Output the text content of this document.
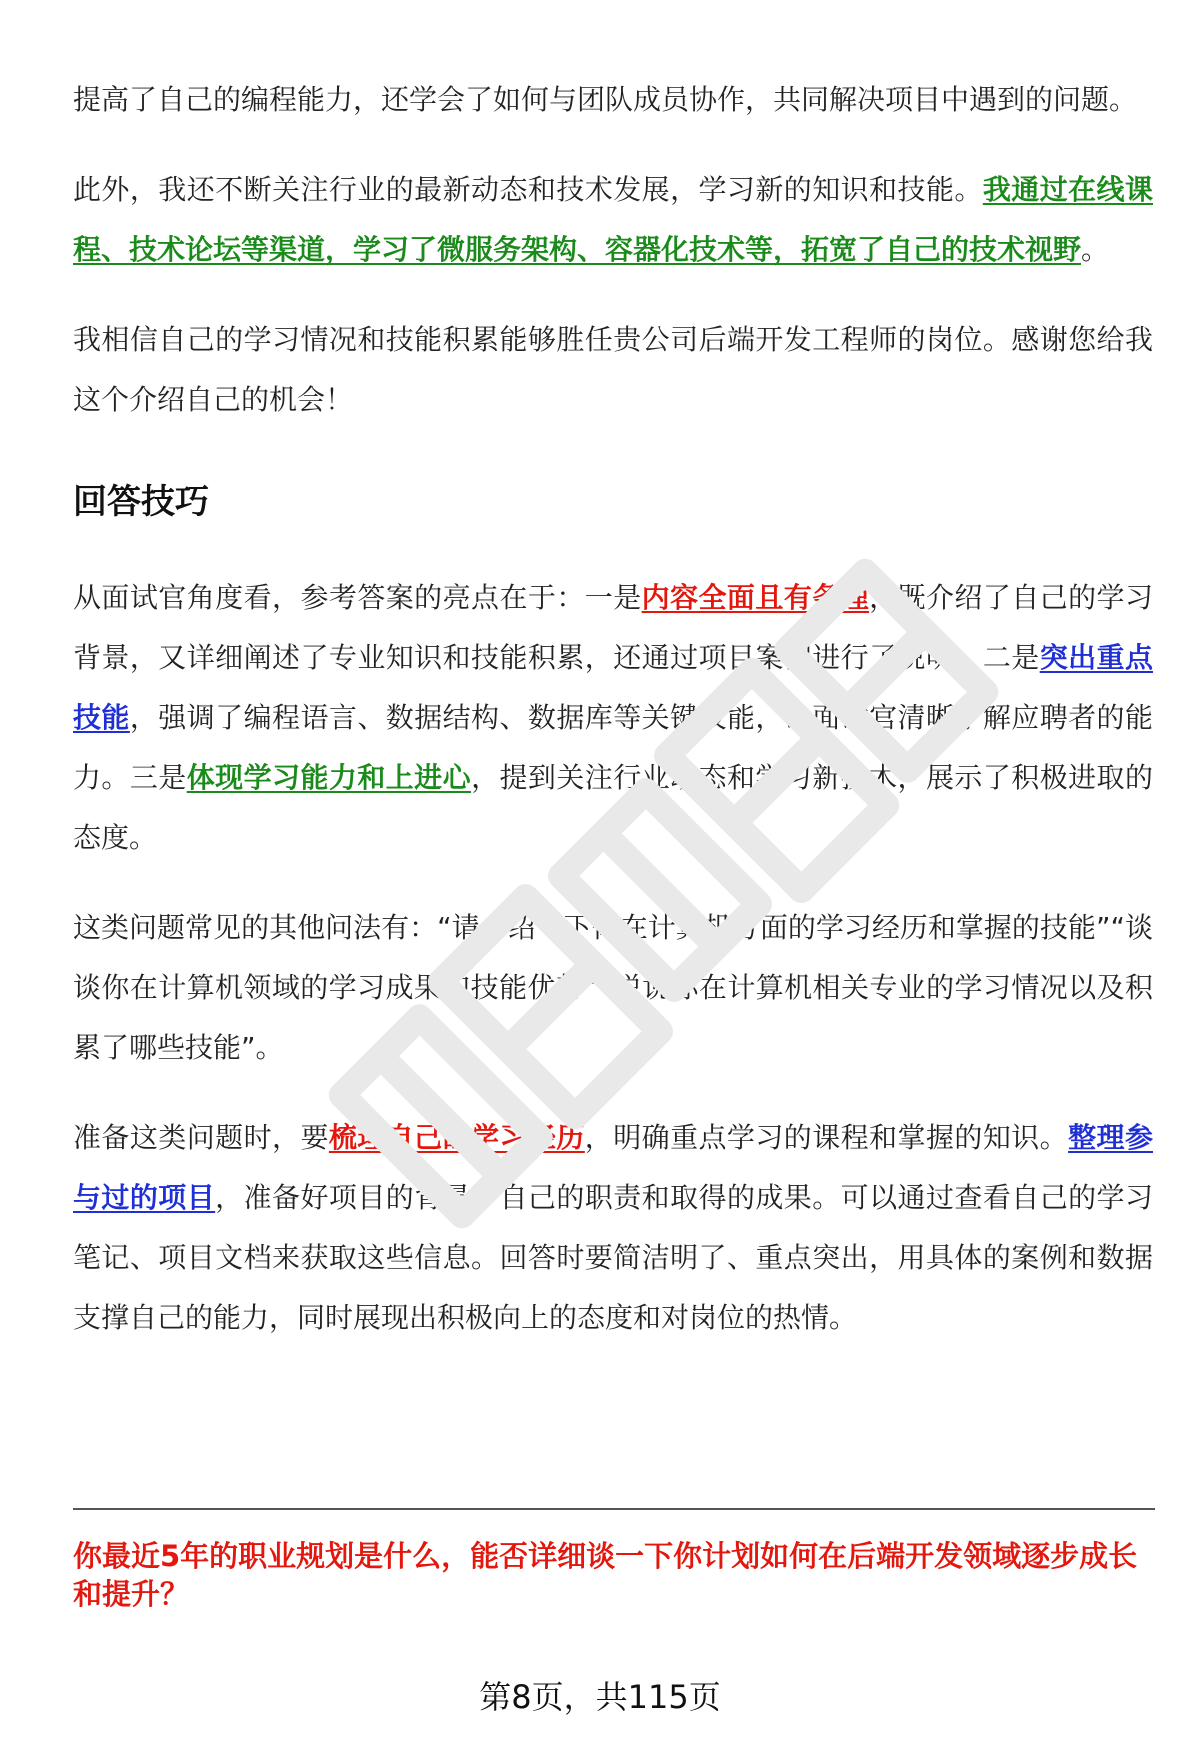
提高了自己的编程能力，还学会了如何与团队成员协作，共同解决项目中遇到的问题。

此外，我还不断关注行业的最新动态和技术发展，学习新的知识和技能。我通过在线课程、技术论坛等渠道，学习了微服务架构、容器化技术等，拓宽了自己的技术视野。

我相信自己的学习情况和技能积累能够胜任贵公司后端开发工程师的岗位。感谢您给我这个介绍自己的机会！

回答技巧

从面试官角度看，参考答案的亮点在于：一是内容全面且有条理，既介绍了自己的学习背景，又详细阐述了专业知识和技能积累，还通过项目案例进行了说明。二是突出重点技能，强调了编程语言、数据结构、数据库等关键技能，让面试官清晰了解应聘者的能力。三是体现学习能力和上进心，提到关注行业动态和学习新技术，展示了积极进取的态度。

这类问题常见的其他问法有：“请介绍一下你在计算机方面的学习经历和掌握的技能”“谈谈你在计算机领域的学习成果和技能优势”“说说你在计算机相关专业的学习情况以及积累了哪些技能”。

准备这类问题时，要梳理自己的学习经历，明确重点学习的课程和掌握的知识。整理参与过的项目，准备好项目的背景、自己的职责和取得的成果。可以通过查看自己的学习笔记、项目文档来获取这些信息。回答时要简洁明了、重点突出，用具体的案例和数据支撑自己的能力，同时展现出积极向上的态度和对岗位的热情。

你最近5年的职业规划是什么，能否详细谈一下你计划如何在后端开发领域逐步成长和提升？
第8页，共115页
